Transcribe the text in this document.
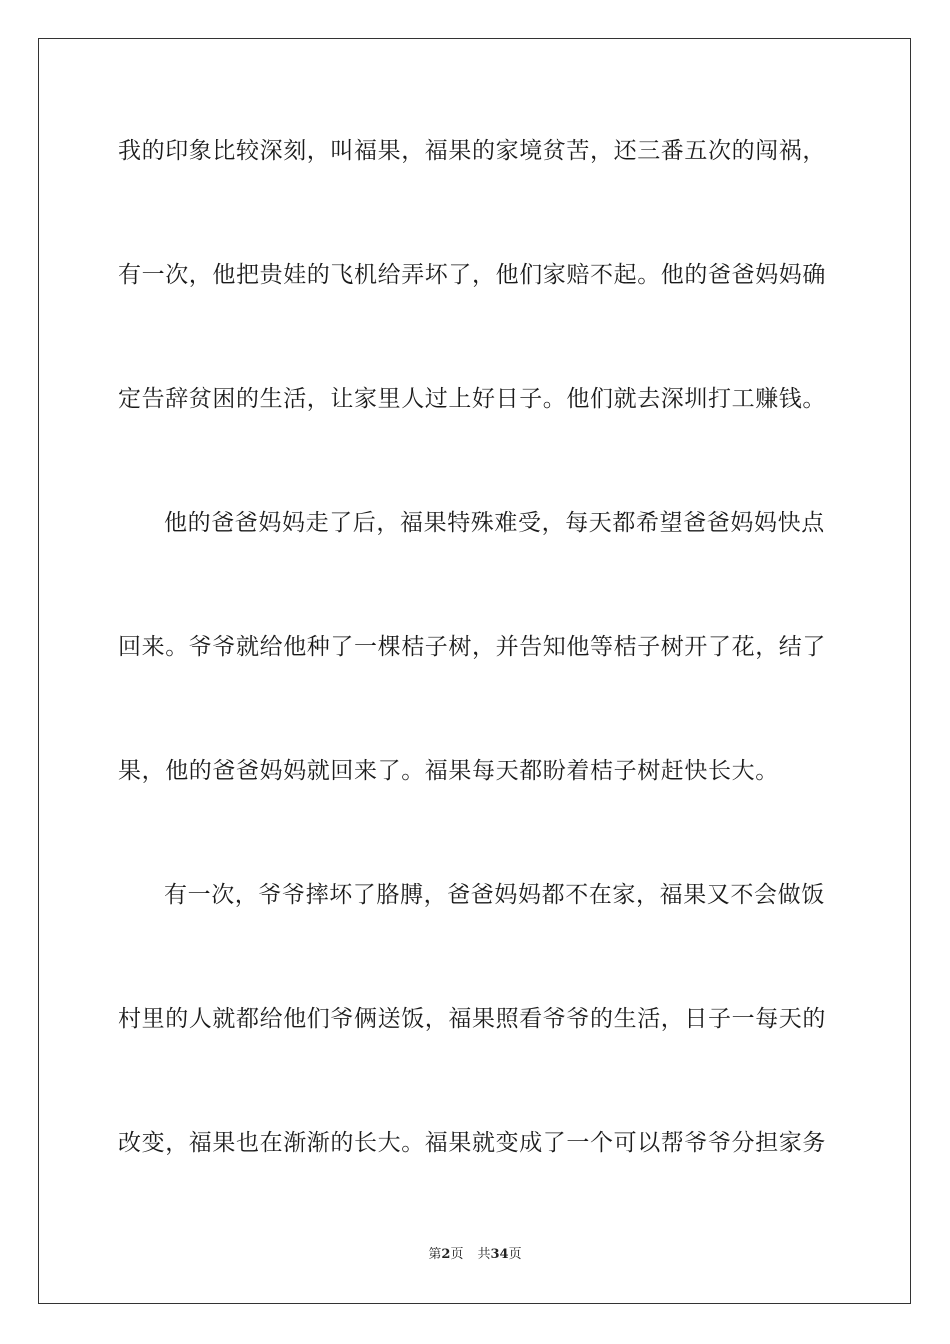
我的印象比较深刻，叫福果，福果的家境贫苦，还三番五次的闯祸，
有一次，他把贵娃的飞机给弄坏了，他们家赔不起。他的爸爸妈妈确
定告辞贫困的生活，让家里人过上好日子。他们就去深圳打工赚钱。
他的爸爸妈妈走了后，福果特殊难受，每天都希望爸爸妈妈快点
回来。爷爷就给他种了一棵桔子树，并告知他等桔子树开了花，结了
果，他的爸爸妈妈就回来了。福果每天都盼着桔子树赶快长大。
有一次，爷爷摔坏了胳膊，爸爸妈妈都不在家，福果又不会做饭
村里的人就都给他们爷俩送饭，福果照看爷爷的生活，日子一每天的
改变，福果也在渐渐的长大。福果就变成了一个可以帮爷爷分担家务
第2页 共34页
